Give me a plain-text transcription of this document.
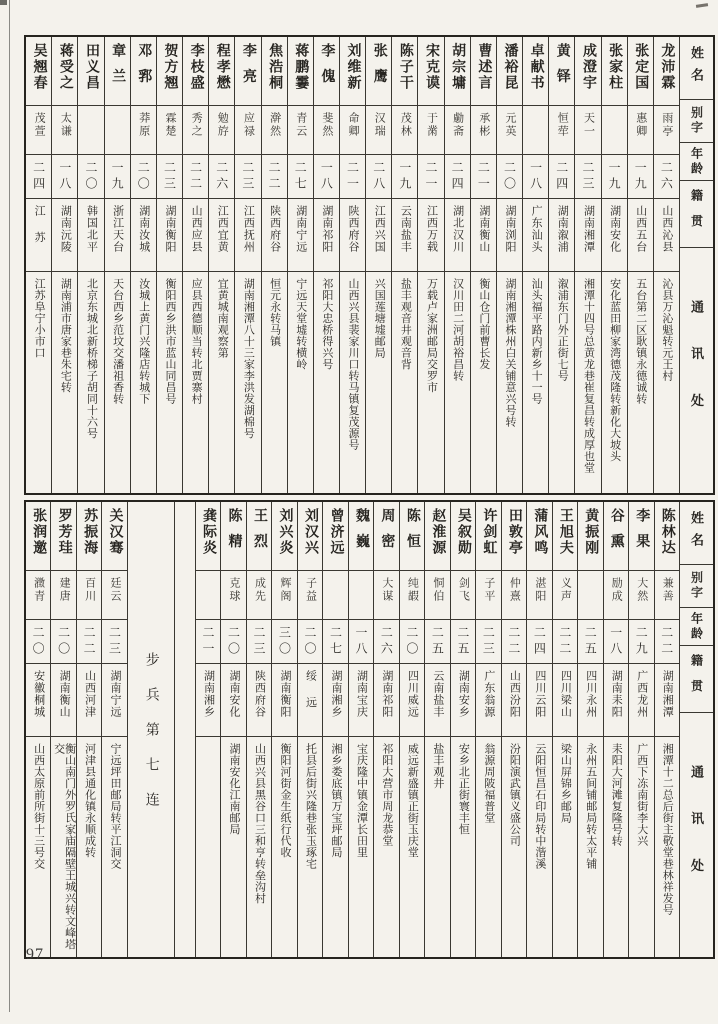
姓名
别字
年龄
籍贯
通讯处
龙沛霖
雨亭
二六
山西沁县
沁县万沁魁转元王村
张定国
惠卿
一九
山西五台
五台第二区耿镇永德诚转
张家柱
一九
湖南安化
安化蓝田柳家湾德茂隆转新化大坡头
成澄宇
天一
二三
湖南湘潭
湘潭十四号总黄龙巷崔复昌转成厚也堂
黄铎
恒荦
二四
湖南溆浦
溆浦东门外正街七号
卓献书
一八
广东汕头
汕头福平路内新乡十一号
潘裕昆
元英
二〇
湖南浏阳
湖南湘潭株州白关铺意兴号转
曹述言
承彬
二一
湖南衡山
衡山仓门前曹长发
胡宗墉
勴斋
二四
湖北汉川
汉川田二河胡裕昌转
宋克谟
于黹
二一
江西万载
万载卢家洲邮局交罗市
陈子干
茂林
一九
云南盐丰
盐丰观音井观音背
张鹰
汉瑞
二八
江西兴国
兴国莲塘墟邮局
刘维新
命卿
二一
陕西府谷
山西兴县裴家川口转马镇复茂源号
李傀
斐然
一八
湖南祁阳
祁阳大忠桥得兴号
蒋鹏霋
青云
二七
湖南宁远
宁远天堂墟转横岭
焦浩桐
澣然
二二
陕西府谷
恒元永转马镇
李亮
应禄
二三
江西抚州
湖南湘潭八十三家李洪发湖棉号
程孝懋
勉斿
二六
江西宜黄
宜黄城南观察第
李枝盛
秀之
二二
山西应县
应县西德顺当转北贾寨村
贺方翘
霖楚
二三
湖南衡阳
衡阳西乡洪市蓝山同昌号
邓郛
莽原
二〇
湖南汝城
汝城上黄门兴隆店转城下
章兰
一九
浙江天台
天台西乡范坟交潘祖香转
田义昌
二〇
韩国北平
北京东城北新桥梯子胡同十六号
蒋受之
太谦
一八
湖南沅陵
湖南浦市唐家巷朱宅转
吴翘春
茂萱
二四
江苏
江苏阜宁小市口
姓名
别字
年龄
籍贯
通讯处
陈林达
兼善
二二
湖南湘潭
湘潭十二总后街主敬堂巷林祥发号
李果
大然
二九
广西龙州
广西下冻南街李大兴
谷熏
励成
一八
湖南耒阳
耒阳大河滩复隆号转
黄振刚
二五
四川永州
永州五间铺邮局转太平铺
王旭夫
义声
二二
四川梁山
梁山屏锦乡邮局
蒲风鸣
湛阳
二四
四川云阳
云阳恒昌石印局转中湝溪
田敦亭
仲熹
二二
山西汾阳
汾阳演武镇义盛公司
许剑虹
子平
二三
广东翁源
翁源周陂福普堂
吴叙勋
剑飞
二五
湖南安乡
安乡北正街寰丰恒
赵淮源
恫伯
二五
云南盐丰
盐丰观井
陈恒
纯嘏
二〇
四川威远
威远新盛镇正街玉庆堂
周密
大谋
二六
湖南祁阳
祁阳大营市周龙恭堂
魏巍
一八
湖南宝庆
宝庆隆中镇金潭长田里
曾济远
二七
湖南湘乡
湘乡娄底镇万宝坪邮局
刘汉兴
子益
二〇
绥远
托县后街兴隆巷张玉琢宅
刘兴炎
辉阁
三〇
湖南衡阳
衡阳河街金生纸行代收
王烈
成先
二三
陕西府谷
山西兴县黑谷口三和亨转垒沟村
陈精
克球
二〇
湖南安化
湖南安化江南邮局
龚际炎
二一
湖南湘乡
步兵第七连
关汉骞
廷云
二三
湖南宁远
宁远坪田邮局转平江洞交
苏振海
百川
二二
山西河津
河津县通化镇永顺成转
罗芳珪
建唐
二〇
湖南衡山
衡山南门外罗氏家庙隔壁王城兴转文峰塔交
张润邀
瀓青
二〇
安徽桐城
山西太原前所街十三号交
97
